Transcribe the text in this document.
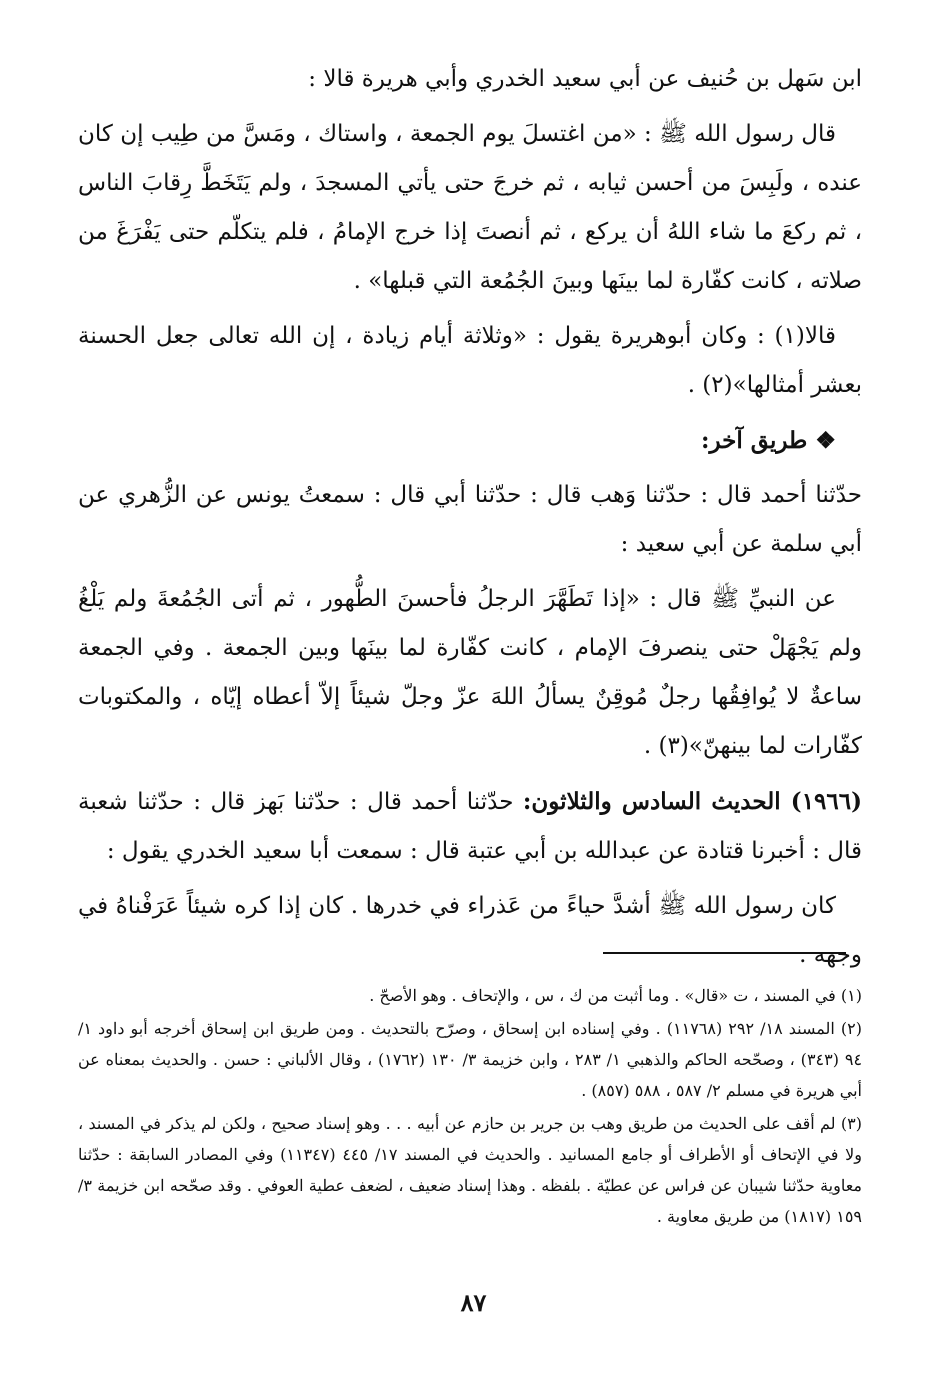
ابن سَهل بن حُنيف عن أبي سعيد الخدري وأبي هريرة قالا :

قال رسول الله ﷺ : «من اغتسلَ يوم الجمعة ، واستاك ، ومَسَّ من طِيب إن كان عنده ، ولَبِسَ من أحسن ثيابه ، ثم خرجَ حتى يأتي المسجدَ ، ولم يَتَخَطَّ رِقابَ الناس ، ثم ركعَ ما شاء اللهُ أن يركع ، ثم أنصتَ إذا خرج الإمامُ ، فلم يتكلّم حتى يَفْرَغَ من صلاته ، كانت كفّارة لما بينَها وبينَ الجُمُعة التي قبلها» .

قالا(١) : وكان أبوهريرة يقول : «وثلاثة أيام زيادة ، إن الله تعالى جعل الحسنة بعشر أمثالها»(٢) .

❖ طريق آخر:

حدّثنا أحمد قال : حدّثنا وَهب قال : حدّثنا أبي قال : سمعتُ يونس عن الزُّهري عن أبي سلمة عن أبي سعيد :

عن النبيِّ ﷺ قال : «إذا تَطَهَّرَ الرجلُ فأحسنَ الطُّهور ، ثم أتى الجُمُعةَ ولم يَلْغُ ولم يَجْهَلْ حتى ينصرفَ الإمام ، كانت كفّارة لما بينَها وبين الجمعة . وفي الجمعة ساعةٌ لا يُوافِقُها رجلٌ مُوقِنٌ يسألُ اللهَ عزّ وجلّ شيئاً إلاّ أعطاه إيّاه ، والمكتوبات كفّارات لما بينهنّ»(٣) .

(١٩٦٦) الحديث السادس والثلاثون: حدّثنا أحمد قال : حدّثنا بَهز قال : حدّثنا شعبة قال : أخبرنا قتادة عن عبدالله بن أبي عتبة قال : سمعت أبا سعيد الخدري يقول :

كان رسول الله ﷺ أشدَّ حياءً من عَذراء في خدرها . كان إذا كره شيئاً عَرَفْناهُ في وجهه .

(١) في المسند ، ت «قال» . وما أثبت من ك ، س ، والإتحاف . وهو الأصحّ .

(٢) المسند ١٨/ ٢٩٢ (١١٧٦٨) . وفي إسناده ابن إسحاق ، وصرّح بالتحديث . ومن طريق ابن إسحاق أخرجه أبو داود ١/ ٩٤ (٣٤٣) ، وصحّحه الحاكم والذهبي ١/ ٢٨٣ ، وابن خزيمة ٣/ ١٣٠ (١٧٦٢) ، وقال الألباني : حسن . والحديث بمعناه عن أبي هريرة في مسلم ٢/ ٥٨٧ ، ٥٨٨ (٨٥٧) .

(٣) لم أقف على الحديث من طريق وهب بن جرير بن حازم عن أبيه . . . وهو إسناد صحيح ، ولكن لم يذكر في المسند ، ولا في الإتحاف أو الأطراف أو جامع المسانيد . والحديث في المسند ١٧/ ٤٤٥ (١١٣٤٧) وفي المصادر السابقة : حدّثنا معاوية حدّثنا شيبان عن فراس عن عطيّة . بلفظه . وهذا إسناد ضعيف ، لضعف عطية العوفي . وقد صحّحه ابن خزيمة ٣/ ١٥٩ (١٨١٧) من طريق معاوية .

٨٧
